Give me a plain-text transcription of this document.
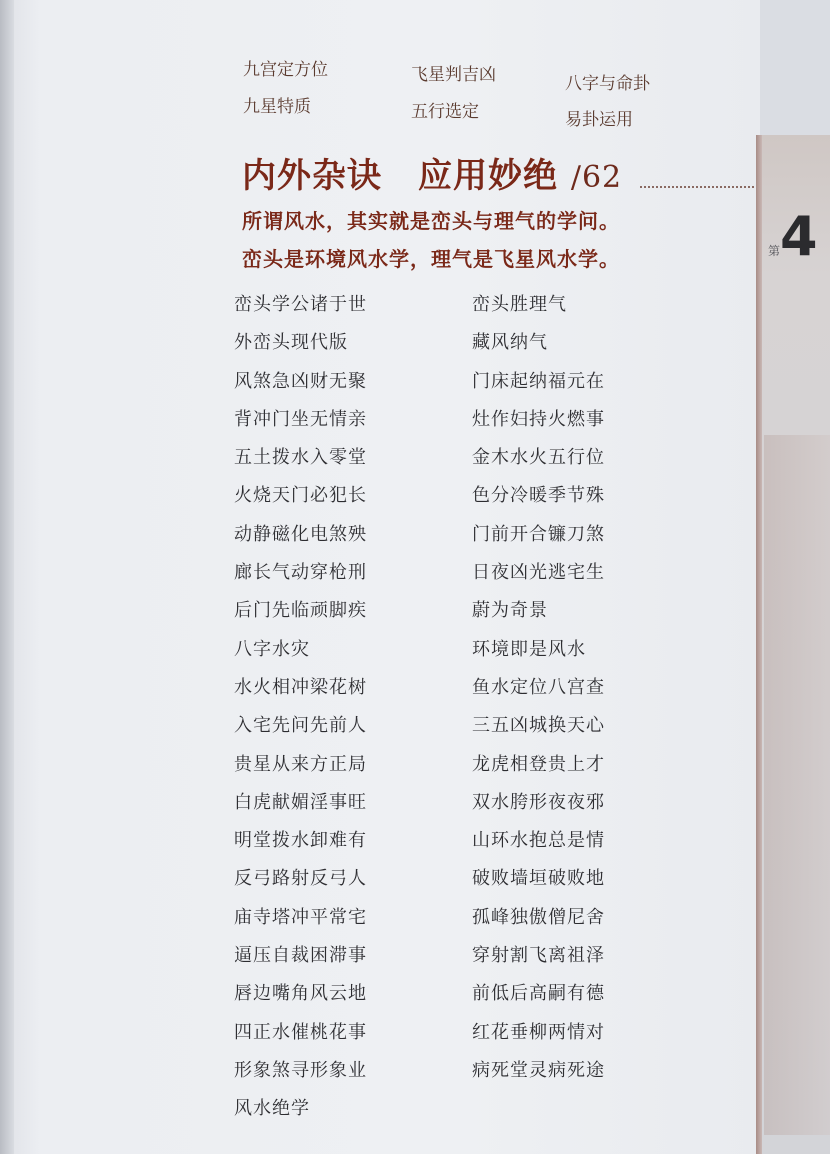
九宫定方位
九星特质
飞星判吉凶
五行选定
八字与命卦
易卦运用
内外杂诀 应用妙绝 /62
所谓风水，其实就是峦头与理气的学问。
峦头是环境风水学，理气是飞星风水学。
峦头学公诸于世
外峦头现代版
风煞急凶财无聚
背冲门坐无情亲
五土拨水入零堂
火烧天门必犯长
动静磁化电煞殃
廊长气动穿枪刑
后门先临顽脚疾
八字水灾
水火相冲梁花树
入宅先问先前人
贵星从来方正局
白虎献媚淫事旺
明堂拨水卸难有
反弓路射反弓人
庙寺塔冲平常宅
逼压自裁困滞事
唇边嘴角风云地
四正水催桃花事
形象煞寻形象业
风水绝学
峦头胜理气
藏风纳气
门床起纳福元在
灶作妇持火燃事
金木水火五行位
色分冷暖季节殊
门前开合镰刀煞
日夜凶光逃宅生
蔚为奇景
环境即是风水
鱼水定位八宫查
三五凶城换天心
龙虎相登贵上才
双水胯形夜夜邪
山环水抱总是情
破败墙垣破败地
孤峰独傲僧尼舍
穿射割飞离祖泽
前低后高嗣有德
红花垂柳两情对
病死堂灵病死途
第4
